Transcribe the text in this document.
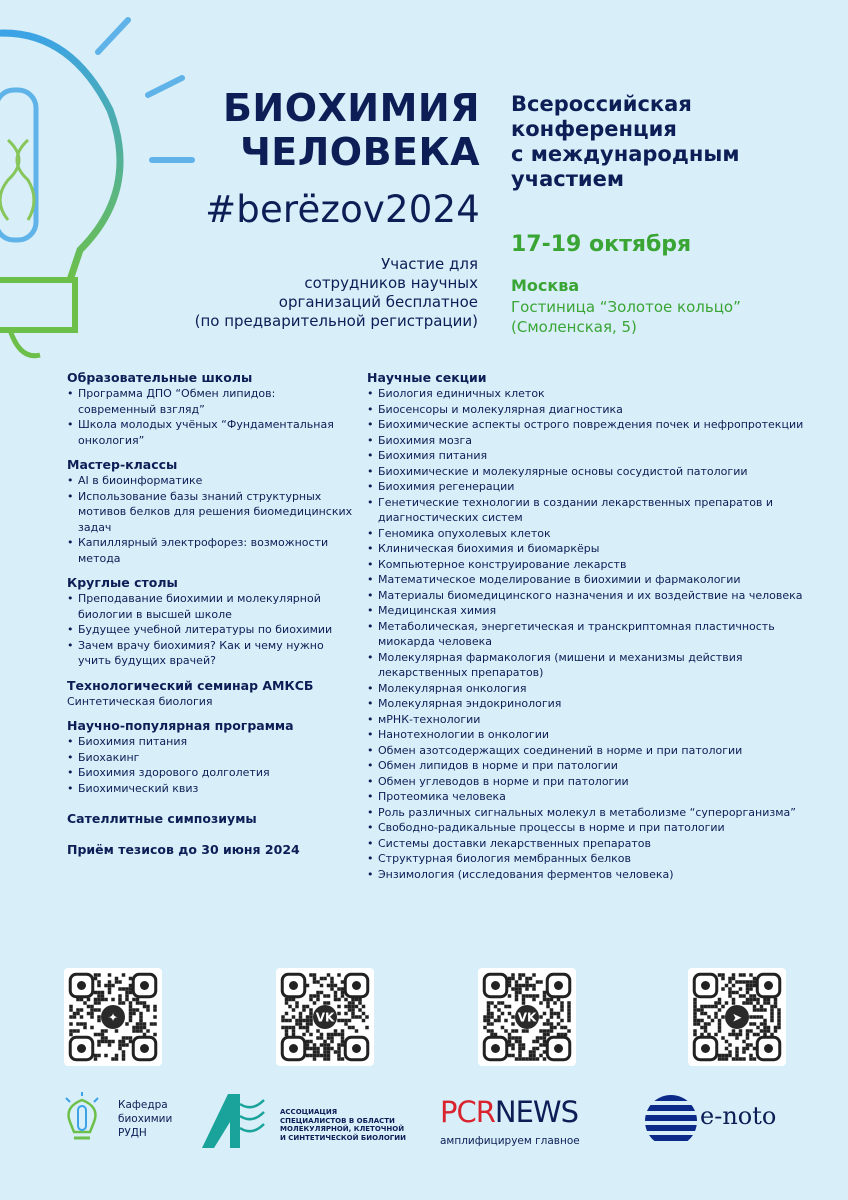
БИОХИМИЯ
ЧЕЛОВЕКА
#berëzov2024
Участие для
сотрудников научных
организаций бесплатное
(по предварительной регистрации)
Всероссийская
конференция
с международным
участием
17-19 октября
Москва
Гостиница “Золотое кольцо”
(Смоленская, 5)
Образовательные школы
• Программа ДПО “Обмен липидов: современный взгляд”
• Школа молодых учёных “Фундаментальная онкология”
Мастер-классы
• AI в биоинформатике
• Использование базы знаний структурных мотивов белков для решения биомедицинских задач
• Капиллярный электрофорез: возможности метода
Круглые столы
• Преподавание биохимии и молекулярной биологии в высшей школе
• Будущее учебной литературы по биохимии
• Зачем врачу биохимия? Как и чему нужно учить будущих врачей?
Технологический семинар АМКСБ
Синтетическая биология
Научно-популярная программа
• Биохимия питания
• Биохакинг
• Биохимия здорового долголетия
• Биохимический квиз
Сателлитные симпозиумы
Приём тезисов до 30 июня 2024
Научные секции
• Биология единичных клеток
• Биосенсоры и молекулярная диагностика
• Биохимические аспекты острого повреждения почек и нефропротекции
• Биохимия мозга
• Биохимия питания
• Биохимические и молекулярные основы сосудистой патологии
• Биохимия регенерации
• Генетические технологии в создании лекарственных препаратов и диагностических систем
• Геномика опухолевых клеток
• Клиническая биохимия и биомаркёры
• Компьютерное конструирование лекарств
• Математическое моделирование в биохимии и фармакологии
• Материалы биомедицинского назначения и их воздействие на человека
• Медицинская химия
• Метаболическая, энергетическая и транскриптомная пластичность миокарда человека
• Молекулярная фармакология (мишени и механизмы действия лекарственных препаратов)
• Молекулярная онкология
• Молекулярная эндокринология
• мРНК-технологии
• Нанотехнологии в онкологии
• Обмен азотсодержащих соединений в норме и при патологии
• Обмен липидов в норме и при патологии
• Обмен углеводов в норме и при патологии
• Протеомика человека
• Роль различных сигнальных молекул в метаболизме “суперорганизма”
• Свободно-радикальные процессы в норме и при патологии
• Системы доставки лекарственных препаратов
• Структурная биология мембранных белков
• Энзимология (исследования ферментов человека)
✦	VK	VK	➤
Кафедра
биохимии
РУДН
АССОЦИАЦИЯ
СПЕЦИАЛИСТОВ В ОБЛАСТИ
МОЛЕКУЛЯРНОЙ, КЛЕТОЧНОЙ
И СИНТЕТИЧЕСКОЙ БИОЛОГИИ
PCRNEWS
амплифицируем главное
e-noto
